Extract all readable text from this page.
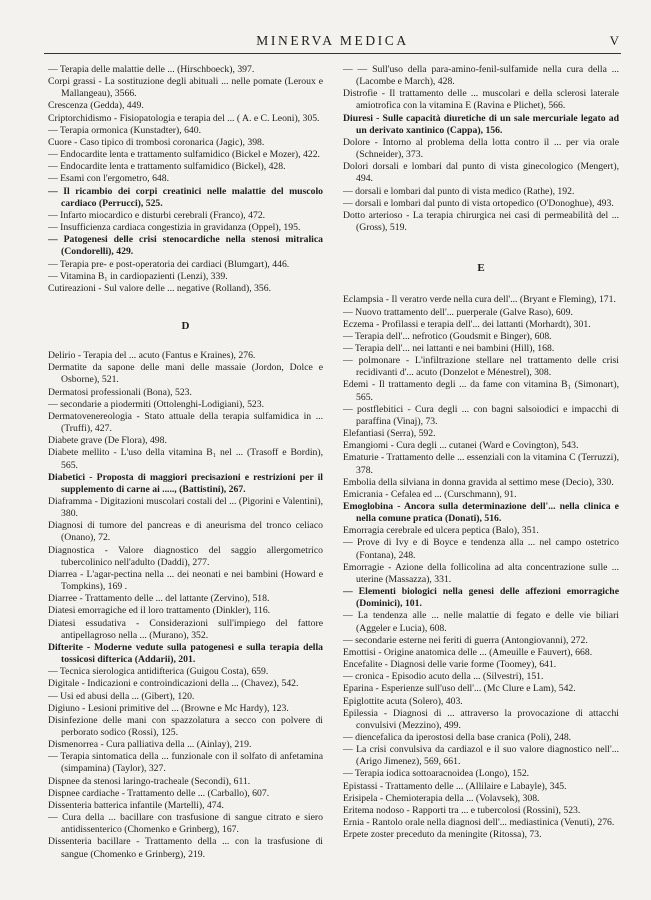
MINERVA MEDICA	V
— Terapia delle malattie delle ... (Hirschboeck), 397.
Corpi grassi - La sostituzione degli abituali ... nelle pomate (Leroux e Mallangeau), 3566.
Crescenza (Gedda), 449.
Criptorchidismo - Fisiopatologia e terapia del ... ( A. e C. Leoni), 305.
— Terapia ormonica (Kunstadter), 640.
Cuore - Caso tipico di trombosi coronarica (Jagic), 398.
— Endocardite lenta e trattamento sulfamidico (Bickel e Mozer), 422.
— Endocardite lenta e trattamento sulfamidico (Bickel), 428.
— Esami con l'ergometro, 648.
— Il ricambio dei corpi creatinici nelle malattie del muscolo cardiaco (Perrucci), 525.
— Infarto miocardico e disturbi cerebrali (Franco), 472.
— Insufficienza cardiaca congestizia in gravidanza (Oppel), 195.
— Patogenesi delle crisi stenocardiche nella stenosi mitralica (Condorelli), 429.
— Terapia pre- e post-operatoria dei cardiaci (Blumgart), 446.
— Vitamina B₁ in cardiopazienti (Lenzi), 339.
Cutireazioni - Sul valore delle ... negative (Rolland), 356.
D
Delirio - Terapia del ... acuto (Fantus e Kraines), 276.
Dermatite da sapone delle mani delle massaie (Jordon, Dolce e Osborne), 521.
Dermatosi professionali (Bona), 523.
— secondarie a piodermiti (Ottolenghi-Lodigiani), 523.
Dermatovenereologia - Stato attuale della terapia sulfamidica in ... (Truffi), 427.
Diabete grave (De Flora), 498.
Diabete mellito - L'uso della vitamina B₁ nel ... (Trasoff e Bordin), 565.
Diabetici - Proposta di maggiori precisazioni e restrizioni per il supplemento di carne ai ....., (Battistini), 267.
Diaframma - Digitazioni muscolari costali del ... (Pigorini e Valentini), 380.
Diagnosi di tumore del pancreas e di aneurisma del tronco celiaco (Onano), 72.
Diagnostica - Valore diagnostico del saggio allergometrico tubercolinico nell'adulto (Daddi), 277.
Diarrea - L'agar-pectina nella ... dei neonati e nei bambini (Howard e Tompkins), 169 .
Diarree - Trattamento delle ... del lattante (Zervino), 518.
Diatesi emorragiche ed il loro trattamento (Dinkler), 116.
Diatesi essudativa - Considerazioni sull'impiego del fattore antipellagroso nella ... (Murano), 352.
Difterite - Moderne vedute sulla patogenesi e sulla terapia della tossicosi difterica (Addarii), 201.
— Tecnica sierologica antidifterica (Guigou Costa), 659.
Digitale - Indicazioni e controindicazioni della ... (Chavez), 542.
— Usi ed abusi della ... (Gibert), 120.
Digiuno - Lesioni primitive del ... (Browne e Mc Hardy), 123.
Disinfezione delle mani con spazzolatura a secco con polvere di perborato sodico (Rossi), 125.
Dismenorrea - Cura palliativa della ... (Ainlay), 219.
— Terapia sintomatica della ... funzionale con il solfato di anfetamina (simpamina) (Taylor), 327.
Dispnee da stenosi laringo-tracheale (Secondi), 611.
Dispnee cardiache - Trattamento delle ... (Carballo), 607.
Dissenteria batterica infantile (Martelli), 474.
— Cura della ... bacillare con trasfusione di sangue citrato e siero antidissenterico (Chomenko e Grinberg), 167.
Dissenteria bacillare - Trattamento della ... con la trasfusione di sangue (Chomenko e Grinberg), 219.
— — Sull'uso della para-amino-fenil-sulfamide nella cura della ... (Lacombe e March), 428.
Distrofie - Il trattamento delle ... muscolari e della sclerosi laterale amiotrofica con la vitamina E (Ravina e Plichet), 566.
Diuresi - Sulle capacità diuretiche di un sale mercuriale legato ad un derivato xantinico (Cappa), 156.
Dolore - Intorno al problema della lotta contro il ... per via orale (Schneider), 373.
Dolori dorsali e lombari dal punto di vista ginecologico (Mengert), 494.
— dorsali e lombari dal punto di vista medico (Rathe), 192.
— dorsali e lombari dal punto di vista ortopedico (O'Donoghue), 493.
Dotto arterioso - La terapia chirurgica nei casi di permeabilità del ... (Gross), 519.
E
Eclampsia - Il veratro verde nella cura dell'... (Bryant e Fleming), 171.
— Nuovo trattamento dell'... puerperale (Galve Raso), 609.
Eczema - Profilassi e terapia dell'... dei lattanti (Morhardt), 301.
— Terapia dell'... nefrotico (Goudsmit e Binger), 608.
— Terapia dell'... nei lattanti e nei bambini (Hill), 168.
— polmonare - L'infiltrazione stellare nel trattamento delle crisi recidivanti d'... acuto (Donzelot e Ménestrel), 308.
Edemi - Il trattamento degli ... da fame con vitamina B₁ (Simonart), 565.
— postflebitici - Cura degli ... con bagni salsoiodici e impacchi di paraffina (Vinaj), 73.
Elefantiasi (Serra), 592.
Emangiomi - Cura degli ... cutanei (Ward e Covington), 543.
Ematurie - Trattamento delle ... essenziali con la vitamina C (Terruzzi), 378.
Embolia della silviana in donna gravida al settimo mese (Decio), 330.
Emicrania - Cefalea ed ... (Curschmann), 91.
Emoglobina - Ancora sulla determinazione dell'... nella clinica e nella comune pratica (Donati), 516.
Emorragia cerebrale ed ulcera peptica (Balo), 351.
— Prove di Ivy e di Boyce e tendenza alla ... nel campo ostetrico (Fontana), 248.
Emorragie - Azione della follicolina ad alta concentrazione sulle ... uterine (Massazza), 331.
— Elementi biologici nella genesi delle affezioni emorragiche (Dominici), 101.
— La tendenza alle ... nelle malattie di fegato e delle vie biliari (Aggeler e Lucia), 608.
— secondarie esterne nei feriti di guerra (Antongiovanni), 272.
Emottisi - Origine anatomica delle ... (Ameuille e Fauvert), 668.
Encefalite - Diagnosi delle varie forme (Toomey), 641.
— cronica - Episodio acuto della ... (Silvestri), 151.
Eparina - Esperienze sull'uso dell'... (Mc Clure e Lam), 542.
Epiglottite acuta (Solero), 403.
Epilessia - Diagnosi di ... attraverso la provocazione di attacchi convulsivi (Mezzino), 499.
— diencefalica da iperostosi della base cranica (Poli), 248.
— La crisi convulsiva da cardiazol e il suo valore diagnostico nell'... (Arigo Jimenez), 569, 661.
— Terapia iodica sottoaracnoidea (Longo), 152.
Epistassi - Trattamento delle ... (Allilaire e Labayle), 345.
Erisipela - Chemioterapia della ... (Volavsek), 308.
Eritema nodoso - Rapporti tra ... e tubercolosi (Rossini), 523.
Ernia - Rantolo orale nella diagnosi dell'... mediastinica (Venuti), 276.
Erpete zoster preceduto da meningite (Ritossa), 73.
